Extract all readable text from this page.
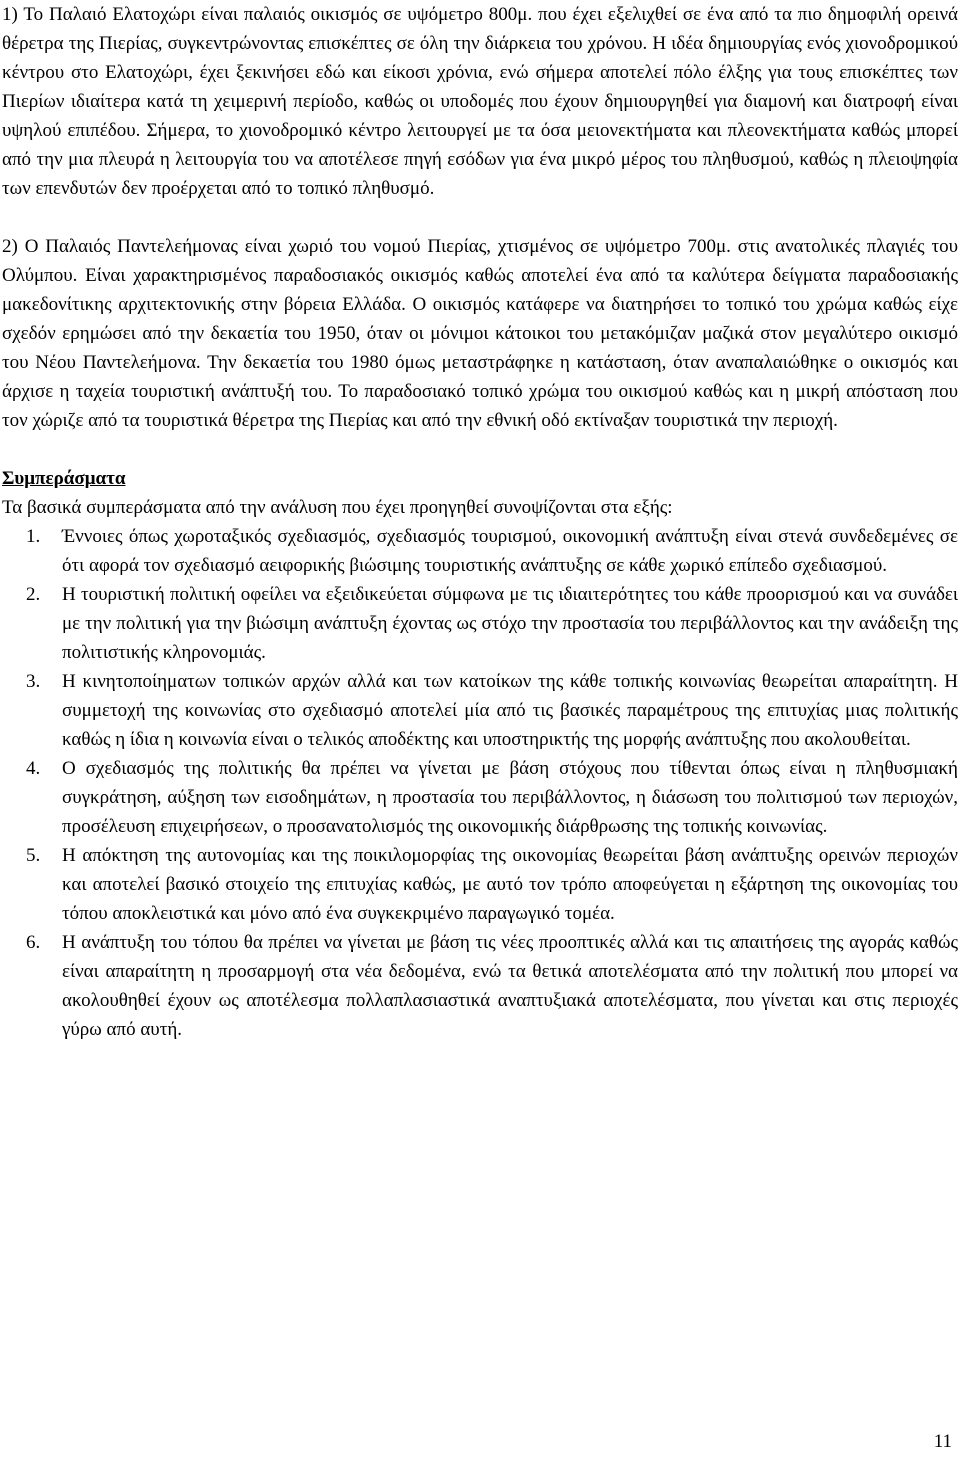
1) Το Παλαιό Ελατοχώρι είναι παλαιός οικισμός σε υψόμετρο 800μ. που έχει εξελιχθεί σε ένα από τα πιο δημοφιλή ορεινά θέρετρα της Πιερίας, συγκεντρώνοντας επισκέπτες σε όλη την διάρκεια του χρόνου. Η ιδέα δημιουργίας ενός χιονοδρομικού κέντρου στο Ελατοχώρι, έχει ξεκινήσει εδώ και είκοσι χρόνια, ενώ σήμερα αποτελεί πόλο έλξης για τους επισκέπτες των Πιερίων ιδιαίτερα κατά τη χειμερινή περίοδο, καθώς οι υποδομές που έχουν δημιουργηθεί για διαμονή και διατροφή είναι υψηλού επιπέδου. Σήμερα, το χιονοδρομικό κέντρο λειτουργεί με τα όσα μειονεκτήματα και πλεονεκτήματα καθώς μπορεί από την μια πλευρά η λειτουργία του να αποτέλεσε πηγή εσόδων για ένα μικρό μέρος του πληθυσμού, καθώς η πλειοψηφία των επενδυτών δεν προέρχεται από το τοπικό πληθυσμό.

2) Ο Παλαιός Παντελεήμονας είναι χωριό του νομού Πιερίας, χτισμένος σε υψόμετρο 700μ. στις ανατολικές πλαγιές του Ολύμπου. Είναι χαρακτηρισμένος παραδοσιακός οικισμός καθώς αποτελεί ένα από τα καλύτερα δείγματα παραδοσιακής μακεδονίτικης αρχιτεκτονικής στην βόρεια Ελλάδα. Ο οικισμός κατάφερε να διατηρήσει το τοπικό του χρώμα καθώς είχε σχεδόν ερημώσει από την δεκαετία του 1950, όταν οι μόνιμοι κάτοικοι του μετακόμιζαν μαζικά στον μεγαλύτερο οικισμό του Νέου Παντελεήμονα. Την δεκαετία του 1980 όμως μεταστράφηκε η κατάσταση, όταν αναπαλαιώθηκε ο οικισμός και άρχισε η ταχεία τουριστική ανάπτυξή του. Το παραδοσιακό τοπικό χρώμα του οικισμού καθώς και η μικρή απόσταση που τον χώριζε από τα τουριστικά θέρετρα της Πιερίας και από την εθνική οδό εκτίναξαν τουριστικά την περιοχή.

Συμπεράσματα

Τα βασικά συμπεράσματα από την ανάλυση που έχει προηγηθεί συνοψίζονται στα εξής:

1.	Έννοιες όπως χωροταξικός σχεδιασμός, σχεδιασμός τουρισμού, οικονομική ανάπτυξη είναι στενά συνδεδεμένες σε ότι αφορά τον σχεδιασμό αειφορικής βιώσιμης τουριστικής ανάπτυξης σε κάθε χωρικό επίπεδο σχεδιασμού.
2.	Η τουριστική πολιτική οφείλει να εξειδικεύεται σύμφωνα με τις ιδιαιτερότητες του κάθε προορισμού και να συνάδει με την πολιτική για την βιώσιμη ανάπτυξη έχοντας ως στόχο την προστασία του περιβάλλοντος και την ανάδειξη της πολιτιστικής κληρονομιάς.
3.	Η κινητοποίηματων τοπικών αρχών αλλά και των κατοίκων της κάθε τοπικής κοινωνίας θεωρείται απαραίτητη. Η συμμετοχή της κοινωνίας στο σχεδιασμό αποτελεί μία από τις βασικές παραμέτρους της επιτυχίας μιας πολιτικής καθώς η ίδια η κοινωνία είναι ο τελικός αποδέκτης και υποστηρικτής της μορφής ανάπτυξης που ακολουθείται.
4.	Ο σχεδιασμός της πολιτικής θα πρέπει να γίνεται με βάση στόχους που τίθενται όπως είναι η πληθυσμιακή συγκράτηση, αύξηση των εισοδημάτων, η προστασία του περιβάλλοντος, η διάσωση του πολιτισμού των περιοχών, προσέλευση επιχειρήσεων, ο προσανατολισμός της οικονομικής διάρθρωσης της τοπικής κοινωνίας.
5.	Η απόκτηση της αυτονομίας και της ποικιλομορφίας της οικονομίας θεωρείται βάση ανάπτυξης ορεινών περιοχών και αποτελεί βασικό στοιχείο της επιτυχίας καθώς, με αυτό τον τρόπο αποφεύγεται η εξάρτηση της οικονομίας του τόπου αποκλειστικά και μόνο από ένα συγκεκριμένο παραγωγικό τομέα.
6.	Η ανάπτυξη του τόπου θα πρέπει να γίνεται με βάση τις νέες προοπτικές αλλά και τις απαιτήσεις της αγοράς καθώς είναι απαραίτητη η προσαρμογή στα νέα δεδομένα, ενώ τα θετικά αποτελέσματα από την πολιτική που μπορεί να ακολουθηθεί έχουν ως αποτέλεσμα πολλαπλασιαστικά αναπτυξιακά αποτελέσματα, που γίνεται και στις περιοχές γύρω από αυτή.
11
